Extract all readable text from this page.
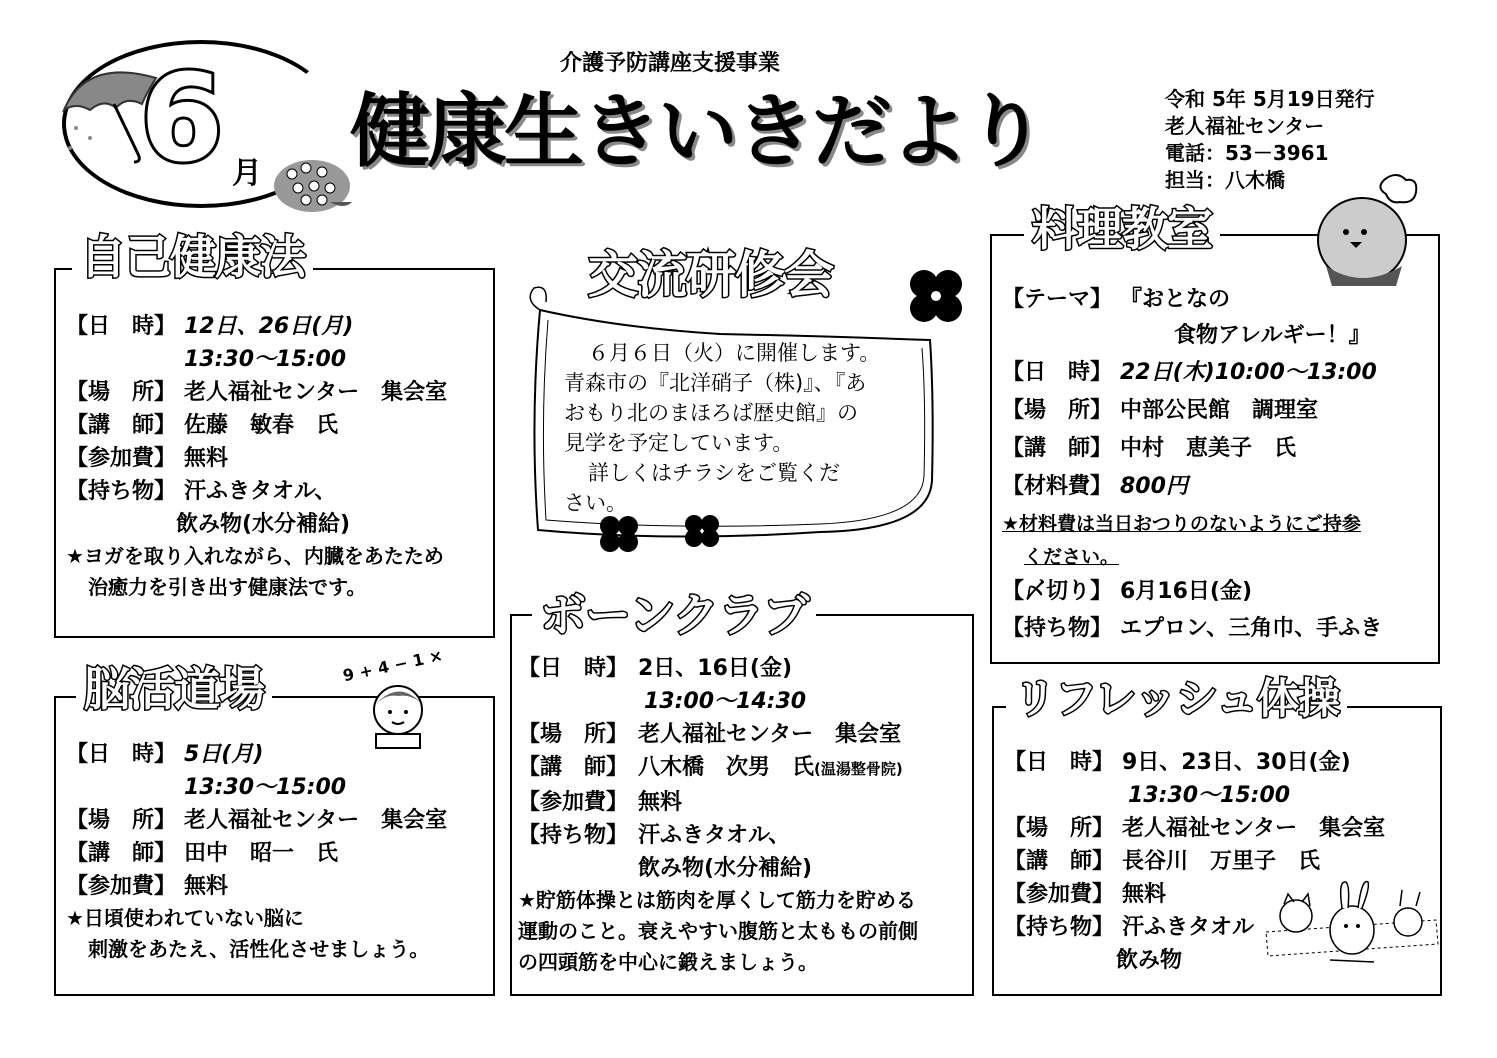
介護予防講座支援事業
6 月 健康生きいきだより	令和 5年 5月19日発行
老人福祉センター
電話：53－3961
担当：八木橋
自己健康法
【日　時】 12日、26日(月)
13:30～15:00
【場　所】 老人福祉センター　集会室
【講　師】 佐藤　敏春　氏
【参加費】 無料
【持ち物】 汗ふきタオル、
飲み物(水分補給)
★ヨガを取り入れながら、内臓をあたため
治癒力を引き出す健康法です。
脳活道場	9 + 4 − 1 ×
【日　時】 5日(月)
13:30～15:00
【場　所】 老人福祉センター　集会室
【講　師】 田中　昭一　氏
【参加費】 無料
★日頃使われていない脳に
刺激をあたえ、活性化させましょう。
交流研修会
６月６日（火）に開催します。
青森市の『北洋硝子（株)』、『あ
おもり北のまほろば歴史館』の
見学を予定しています。
詳しくはチラシをご覧くだ
さい。
ボーンクラブ
【日　時】 2日、16日(金)
13:00～14:30
【場　所】 老人福祉センター　集会室
【講　師】 八木橋　次男　氏 (温湯整骨院)
【参加費】 無料
【持ち物】 汗ふきタオル、
飲み物(水分補給)
★貯筋体操とは筋肉を厚くして筋力を貯める
運動のこと。衰えやすい腹筋と太ももの前側
の四頭筋を中心に鍛えましょう。
料理教室
【テーマ】 『おとなの
食物アレルギー！』
【日　時】 22日(木)10:00～13:00
【場　所】 中部公民館　調理室
【講　師】 中村　恵美子　氏
【材料費】 800円
★材料費は当日おつりのないようにご持参
ください。
【〆切り】 6月16日(金)
【持ち物】 エプロン、三角巾、手ふき
リフレッシュ体操
【日　時】 9日、23日、30日(金)
13:30～15:00
【場　所】 老人福祉センター　集会室
【講　師】 長谷川　万里子　氏
【参加費】 無料
【持ち物】 汗ふきタオル
飲み物
